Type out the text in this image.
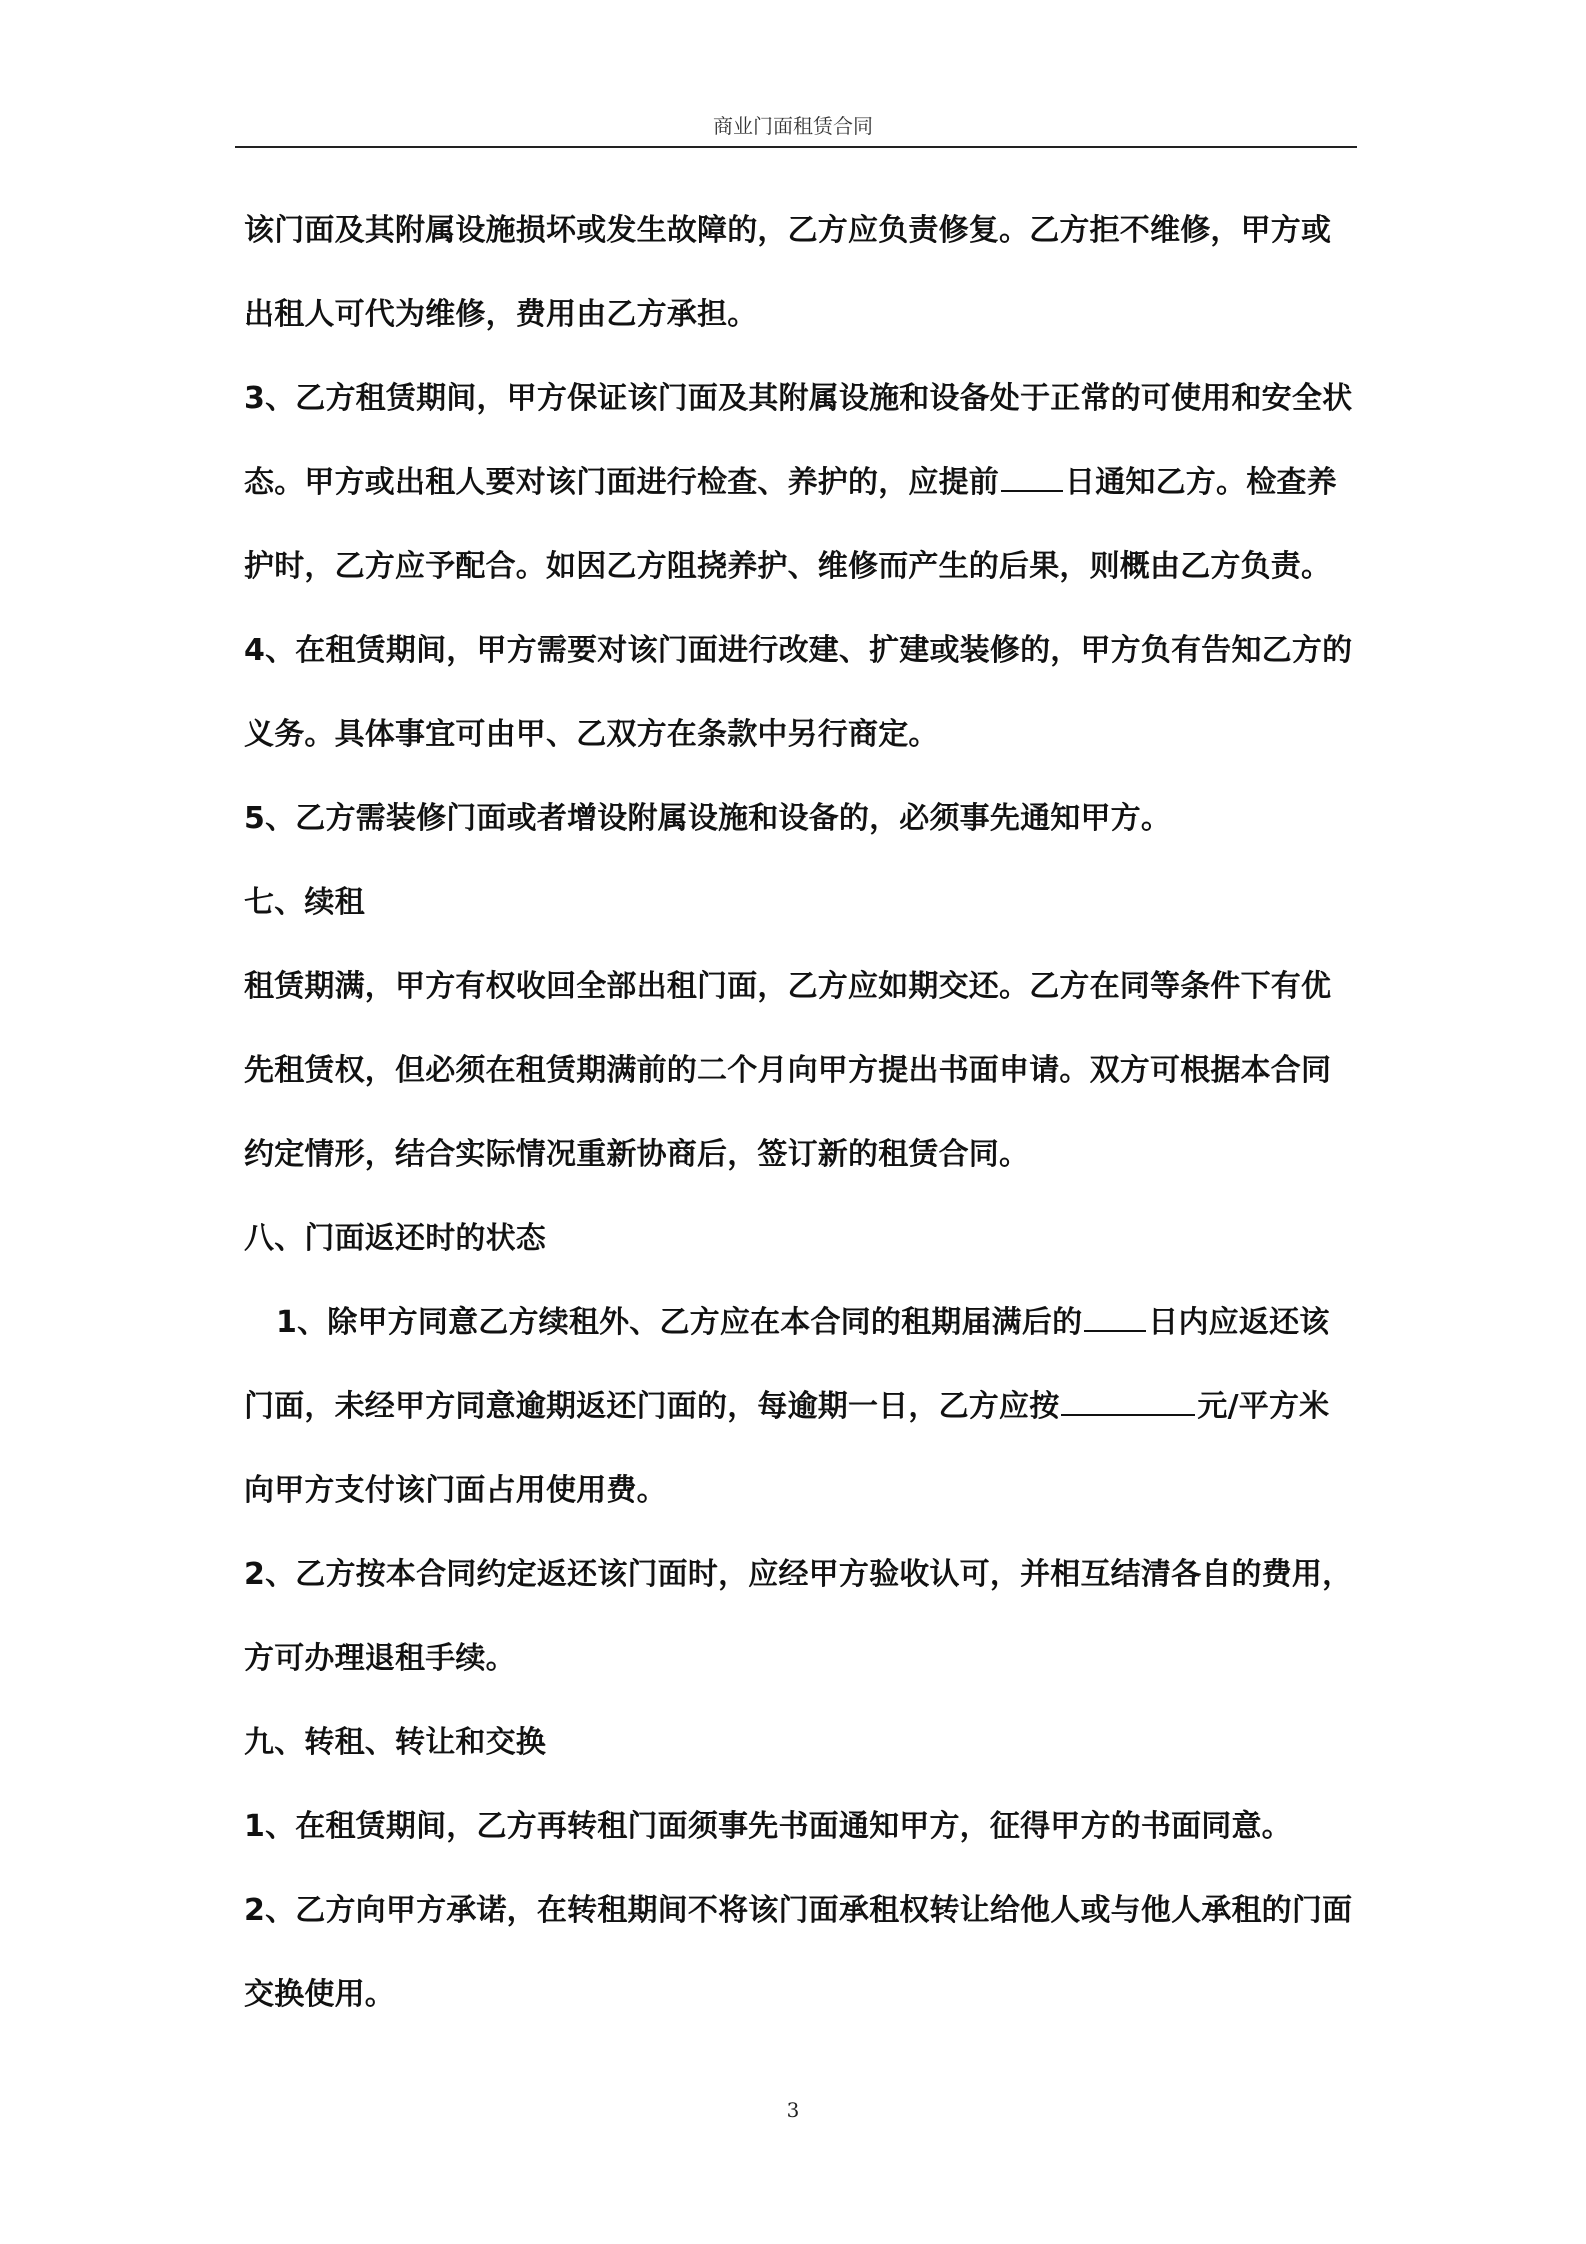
商业门面租赁合同
该门面及其附属设施损坏或发生故障的，乙方应负责修复。乙方拒不维修，甲方或
出租人可代为维修，费用由乙方承担。
3、乙方租赁期间，甲方保证该门面及其附属设施和设备处于正常的可使用和安全状
态。甲方或出租人要对该门面进行检查、养护的，应提前 日通知乙方。检查养
护时，乙方应予配合。如因乙方阻挠养护、维修而产生的后果，则概由乙方负责。
4、在租赁期间，甲方需要对该门面进行改建、扩建或装修的，甲方负有告知乙方的
义务。具体事宜可由甲、乙双方在条款中另行商定。
5、乙方需装修门面或者增设附属设施和设备的，必须事先通知甲方。
七、续租
租赁期满，甲方有权收回全部出租门面，乙方应如期交还。乙方在同等条件下有优
先租赁权，但必须在租赁期满前的二个月向甲方提出书面申请。双方可根据本合同
约定情形，结合实际情况重新协商后，签订新的租赁合同。
八、门面返还时的状态
1、除甲方同意乙方续租外、乙方应在本合同的租期届满后的 日内应返还该
门面，未经甲方同意逾期返还门面的，每逾期一日，乙方应按	元/平方米
向甲方支付该门面占用使用费。
2、乙方按本合同约定返还该门面时，应经甲方验收认可，并相互结清各自的费用，
方可办理退租手续。
九、转租、转让和交换
1、在租赁期间，乙方再转租门面须事先书面通知甲方，征得甲方的书面同意。
2、乙方向甲方承诺，在转租期间不将该门面承租权转让给他人或与他人承租的门面
交换使用。
3
